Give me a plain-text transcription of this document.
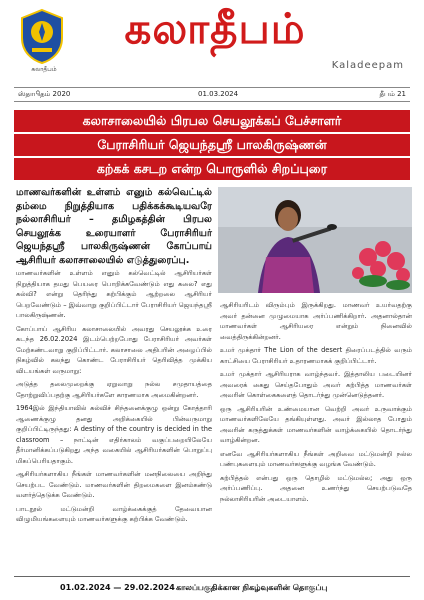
கலாதீபம்
கலாதீபம்
Kaladeepam
ஸ்தாபிதம் 2020	01.03.2024	தீபம் 21
கலாசாலையில் பிரபல செயலூக்கப் பேச்சாளர்
பேராசிரியர் ஜெயந்தஸ்ரீ பாலகிருஷ்ணன்
கற்கக் கசடற என்ற பொருளில் சிறப்புரை
மாணவர்களின் உள்ளம் எனும் கல்வெட்டில் தம்மை நிறுத்தியாக பதிக்கக்கூடியவரே நல்லாசிரியர் – தமிழகத்தின் பிரபல செயலூக்க உரையாளர் பேராசிரியர் ஜெயந்தஸ்ரீ பாலகிருஷ்ணன் கோப்பாய் ஆசிரியர் கலாசாலையில் எடுத்துரைப்பு.

மாணவர்களின் உள்ளம் எனும் கல்வெட்டில் ஆசிரியர்கள் நிறுத்தியாக தமது பெயரை பொறிக்கவேண்டும் எது கலை? எது கல்வி? என்று தெரிந்து கற்பிக்கும் ஆற்றலை ஆசிரியர் பெறவேண்டும் – இவ்வாறு குறிப்பிட்டார் பேராசிரியர் ஜெயந்தஸ்ரீ பாலகிருஷ்ணன்.

கோப்பாய் ஆசிரிய கலாசாலையில் அவரது செயலூக்க உரை கடந்த 26.02.2024 இடம்பெற்றபோது பேராசிரியர் அவர்கள் மேற்கண்டவாறு குறிப்பிட்டார். கலாசாலை அதிபரின் அழைப்பில் நிகழ்வில் கலந்து கொண்ட பேராசிரியர் தெரிவித்த முக்கிய விடயங்கள் வருமாறு:

அடுத்த தலைமுறைக்கு ஏறுவாறு நல்ல சமுதாயத்தை தோற்றுவிப்பதற்கு ஆசிரியர்களே காரணமாக அமைகின்றனர்.

1964இல் இந்தியாவில் கல்விச் சிந்தனைக்குழு ஒன்று கோத்தாரி ஆணைக்குழு தனது அறிக்கையில் பின்வருமாறு குறிப்பிட்டிருந்தது: A destiny of the country is decided in the classroom – நாட்டின் எதிர்காலம் வகுப்பறையிலேயே தீர்மானிக்கப்படுகிறது அந்த வகையில் ஆசிரியர்களின் பொறுப்பு மிகப்பெரியதாகும்.

ஆசிரியர்களாகிய நீங்கள் மாணவர்களின் மனநிலையை அறிந்து செயற்பட வேண்டும். மாணவர்களின் திறமைகளை இனம்கண்டு வளர்த்தெடுக்க வேண்டும்.

பாடநூல் மட்டுமன்றி வாழ்க்கைக்குத் தேவையான விழுமியங்களையும் மாணவர்களுக்கு கற்பிக்க வேண்டும்.

ஆசிரியரிடம் விரும்பும் இருக்கிறது. மாணவர் உயர்வதற்கு அவர் தன்னை முழுமையாக அர்ப்பணிக்கிறார். அதனால்தான் மாணவர்கள் ஆசிரியரை என்றும் நினைவில் வைத்திருக்கின்றனர்.

உமர் முக்தார் The Lion of the desert திரைப்படத்தில் வரும் காட்சியை பேராசிரியர் உதாரணமாகக் குறிப்பிட்டார்.

உமர் முக்தார் ஆசிரியராக வாழ்ந்தவர். இத்தாலிய படையினர் அவரைக் கைது செய்தபோதும் அவர் கற்பித்த மாணவர்கள் அவரின் கொள்கைகளைத் தொடர்ந்து முன்னெடுத்தனர்.

ஒரு ஆசிரியரின் உண்மையான வெற்றி அவர் உருவாக்கும் மாணவர்களிலேயே தங்கியுள்ளது. அவர் இல்லாத போதும் அவரின் கருத்துக்கள் மாணவர்களின் வாழ்க்கையில் தொடர்ந்து வாழ்கின்றன.

எனவே ஆசிரியர்களாகிய நீங்கள் அறிவை மட்டுமன்றி நல்ல பண்புகளையும் மாணவர்களுக்கு வழங்க வேண்டும்.

கற்பித்தல் என்பது ஒரு தொழில் மட்டுமல்ல; அது ஒரு அர்ப்பணிப்பு. அதனை உணர்ந்து செயற்படுவதே நல்லாசிரியரின் அடையாளம்.

01.02.2024 — 29.02.2024 காலப்பகுதிக்கான நிகழ்வுகளின் தொகுப்பு
